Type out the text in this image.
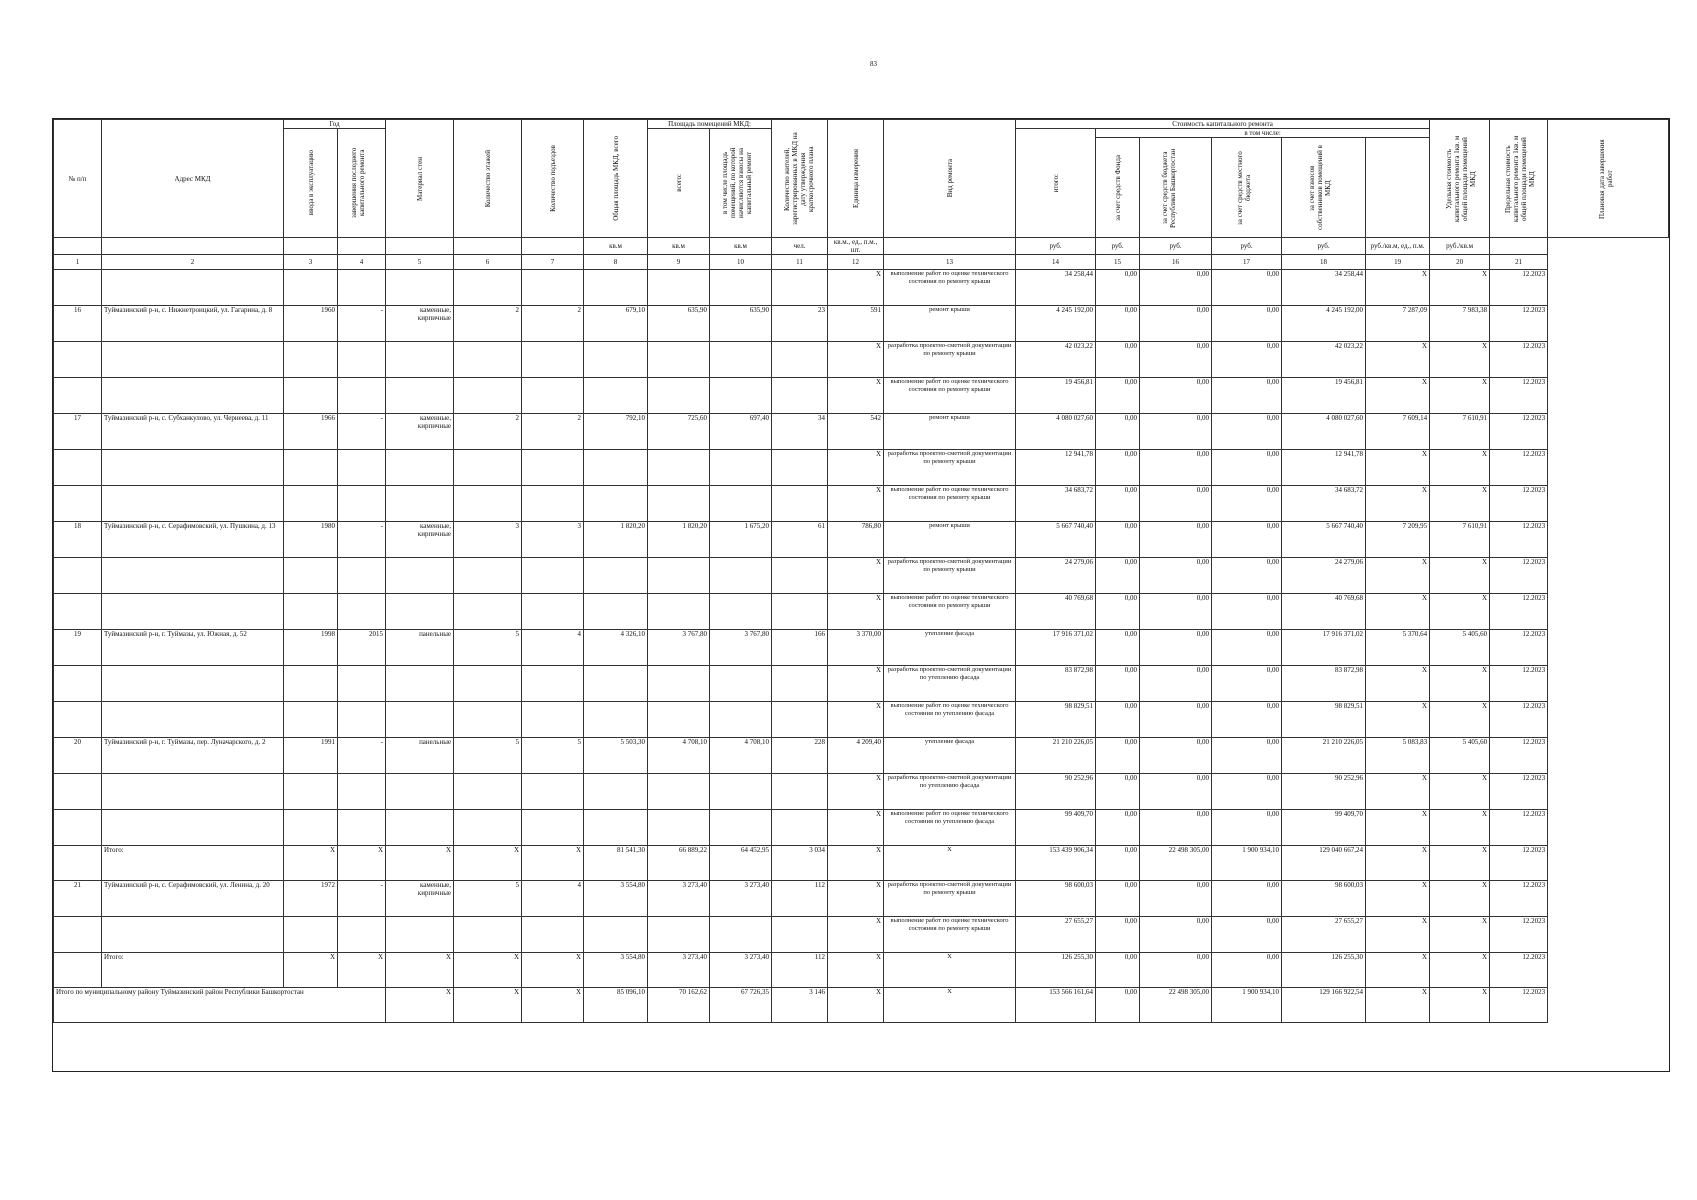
83
№ п/п	Адрес МКД	Год		Материал стен	Количество этажей	Количество подъездов	Общая площадь МКД, всего	Площадь помещений МКД:		Количество жителей, зарегистрированных в МКД на дату утверждения краткосрочного плана	Единица измерения	Вид ремонта	Стоимость капитального ремонта						Удельная стоимость капитального ремонта 1кв. м общей площади помещений МКД	Предельная стоимость капитального ремонта 1кв. м общей площади помещений МКД	Плановая дата завершения работ

		ввода в эксплуатацию	завершения последнего капитального ремонта					всего:	в том числе площадь помещений, по которой начисляются взносы на капитальный ремонт				итого:	в том числе:							

														за счет средств Фонда	за счет средств бюджета Республики Башкортостан	за счет средств местного бюджета	за счет взносов собственников помещений в МКД				

							кв.м	кв.м	кв.м	чел.	кв.м., ед., п.м., шт.		руб.	руб.	руб.	руб.	руб.	руб./кв.м, ед., п.м.	руб./кв.м		
1	2	3	4	5	6	7	8	9	10	11	12	13	14	15	16	17	18	19	20	21	
											X	выполнение работ по оценке технического состояния по ремонту крыши	34 258,44	0,00	0,00	0,00	34 258,44	X	X	12.2023	
16	Туймазинский р-н, с. Нижнетроицкий, ул. Гагарина, д. 8	1960	-	каменные, кирпичные	2	2	679,10	635,90	635,90	23	591	ремонт крыши	4 245 192,00	0,00	0,00	0,00	4 245 192,00	7 287,09	7 983,38	12.2023	
											X	разработка проектно-сметной документации по ремонту крыши	42 023,22	0,00	0,00	0,00	42 023,22	X	X	12.2023	
											X	выполнение работ по оценке технического состояния по ремонту крыши	19 456,81	0,00	0,00	0,00	19 456,81	X	X	12.2023	
17	Туймазинский р-н, с. Субханкулово, ул. Чернеева, д. 11	1966	-	каменные, кирпичные	2	2	792,10	725,60	697,40	34	542	ремонт крыши	4 080 027,60	0,00	0,00	0,00	4 080 027,60	7 609,14	7 610,91	12.2023	
											X	разработка проектно-сметной документации по ремонту крыши	12 941,78	0,00	0,00	0,00	12 941,78	X	X	12.2023	
											X	выполнение работ по оценке технического состояния по ремонту крыши	34 683,72	0,00	0,00	0,00	34 683,72	X	X	12.2023	
18	Туймазинский р-н, с. Серафимовский, ул. Пушкина, д. 13	1980	-	каменные, кирпичные	3	3	1 820,20	1 820,20	1 675,20	61	786,80	ремонт крыши	5 667 740,40	0,00	0,00	0,00	5 667 740,40	7 209,95	7 610,91	12.2023	
											X	разработка проектно-сметной документации по ремонту крыши	24 279,06	0,00	0,00	0,00	24 279,06	X	X	12.2023	
											X	выполнение работ по оценке технического состояния по ремонту крыши	40 769,68	0,00	0,00	0,00	40 769,68	X	X	12.2023	
19	Туймазинский р-н, г. Туймазы, ул. Южная, д. 52	1998	2015	панельные	5	4	4 326,10	3 767,80	3 767,80	166	3 370,00	утепление фасада	17 916 371,02	0,00	0,00	0,00	17 916 371,02	5 370,64	5 405,60	12.2023	
											X	разработка проектно-сметной документации по утеплению фасада	83 872,98	0,00	0,00	0,00	83 872,98	X	X	12.2023	
											X	выполнение работ по оценке технического состояния по утеплению фасада	98 829,51	0,00	0,00	0,00	98 829,51	X	X	12.2023	
20	Туймазинский р-н, г. Туймазы, пер. Луначарского, д. 2	1991	-	панельные	5	5	5 503,30	4 708,10	4 708,10	228	4 209,40	утепление фасада	21 210 226,05	0,00	0,00	0,00	21 210 226,05	5 083,83	5 405,60	12.2023	
											X	разработка проектно-сметной документации по утеплению фасада	90 252,96	0,00	0,00	0,00	90 252,96	X	X	12.2023	
											X	выполнение работ по оценке технического состояния по утеплению фасада	99 409,70	0,00	0,00	0,00	99 409,70	X	X	12.2023	
	Итого:	X	X	X	X	X	81 541,30	66 889,22	64 452,95	3 034	X	X	153 439 906,34	0,00	22 498 305,00	1 900 934,10	129 040 667,24	X	X	12.2023	
21	Туймазинский р-н, с. Серафимовский, ул. Ленина, д. 20	1972	-	каменные, кирпичные	5	4	3 554,80	3 273,40	3 273,40	112	X	разработка проектно-сметной документации по ремонту крыши	98 600,03	0,00	0,00	0,00	98 600,03	X	X	12.2023	
											X	выполнение работ по оценке технического состояния по ремонту крыши	27 655,27	0,00	0,00	0,00	27 655,27	X	X	12.2023	
	Итого:	X	X	X	X	X	3 554,80	3 273,40	3 273,40	112	X	X	126 255,30	0,00	0,00	0,00	126 255,30	X	X	12.2023	
Итого по муниципальному району Туймазинский район Республики Башкортостан				X	X	X	85 096,10	70 162,62	67 726,35	3 146	X	X	153 566 161,64	0,00	22 498 305,00	1 900 934,10	129 166 922,54	X	X	12.2023	
